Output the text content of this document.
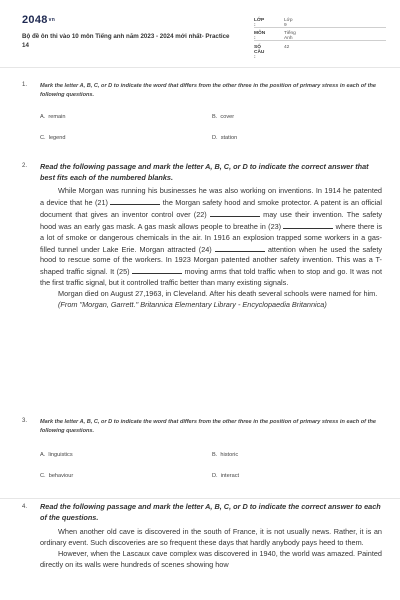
2048vn
Bộ đề ôn thi vào 10 môn Tiếng anh năm 2023 - 2024 mới nhất- Practice 14
LỚP :
Lớp 9
MÔN :
Tiếng Anh
SỐ CÂU :
42
1. Mark the letter A, B, C, or D to indicate the word that differs from the other three in the position of primary stress in each of the following questions.
A. remain	B. cover
C. legend	D. station
2. Read the following passage and mark the letter A, B, C, or D to indicate the correct answer that best fits each of the numbered blanks.

While Morgan was running his businesses he was also working on inventions. In 1914 he patented a device that he (21)	the Morgan safety hood and smoke protector. A patent is an official document that gives an inventor control over (22)	may use their invention. The safety hood was an early gas mask. A gas mask allows people to breathe in (23)	where there is a lot of smoke or dangerous chemicals in the air. In 1916 an explosion trapped some workers in a gas-filled tunnel under Lake Erie. Morgan attracted (24)	attention when he used the safety hood to rescue some of the workers. In 1923 Morgan patented another safety invention. This was a T-shaped traffic signal. It (25)	moving arms that told traffic when to stop and go. It was not the first traffic signal, but it controlled traffic better than many existing signals.

Morgan died on August 27,1963, in Cleveland. After his death several schools were named for him.

(From "Morgan, Garrett." Britannica Elementary Library - Encyclopaedia Britannica)

3. Mark the letter A, B, C, or D to indicate the word that differs from the other three in the position of primary stress in each of the following questions.
A. linguistics	B. historic
C. behaviour	D. interact
4. Read the following passage and mark the letter A, B, C, or D to indicate the correct answer to each of the questions.

When another old cave is discovered in the south of France, it is not usually news. Rather, it is an ordinary event. Such discoveries are so frequent these days that hardly anybody pays heed to them.

However, when the Lascaux cave complex was discovered in 1940, the world was amazed. Painted directly on its walls were hundreds of scenes showing how
